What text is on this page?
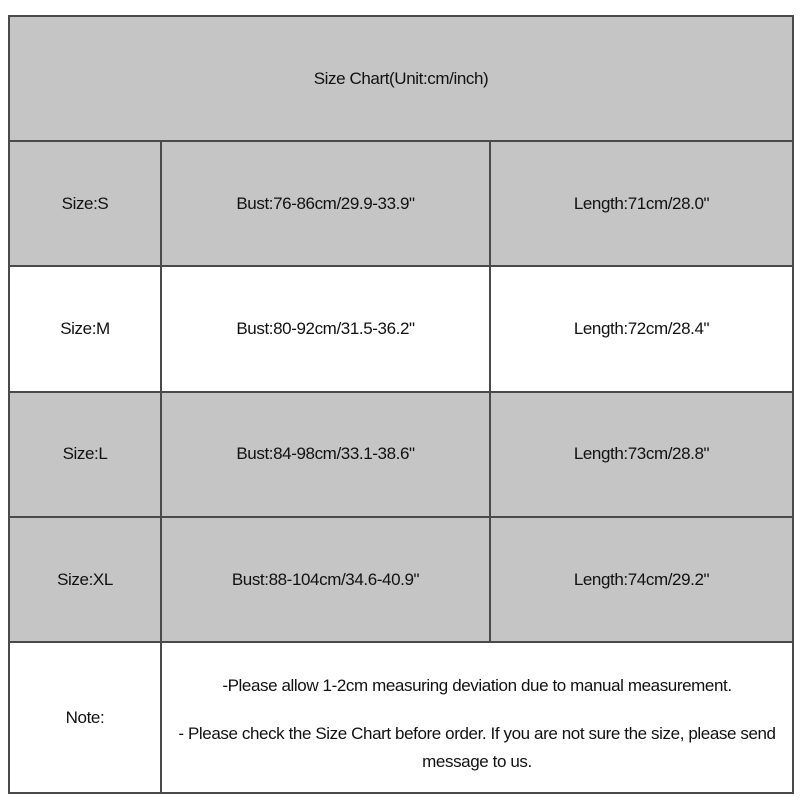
Size Chart(Unit:cm/inch)		
Size:S	Bust:76-86cm/29.9-33.9"	Length:71cm/28.0"
Size:M	Bust:80-92cm/31.5-36.2"	Length:72cm/28.4"
Size:L	Bust:84-98cm/33.1-38.6"	Length:73cm/28.8"
Size:XL	Bust:88-104cm/34.6-40.9"	Length:74cm/29.2"
Note:	-Please allow 1-2cm measuring deviation due to manual measurement.
- Please check the Size Chart before order. If you are not sure the size, please send message to us.	
